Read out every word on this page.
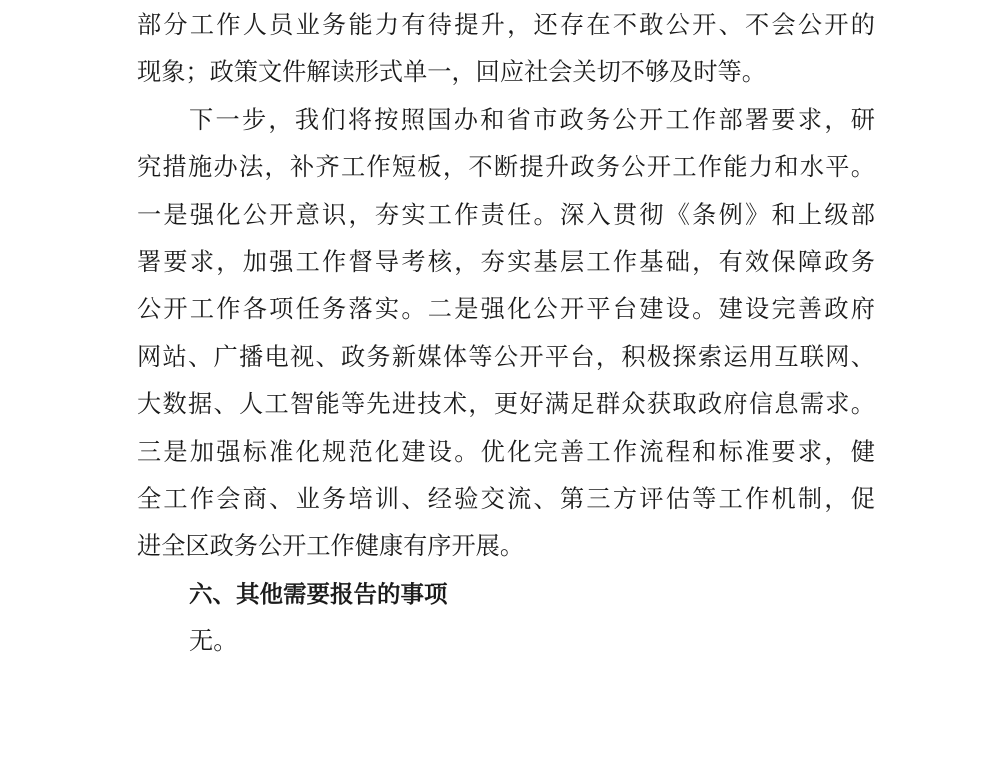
部分工作人员业务能力有待提升，还存在不敢公开、不会公开的
现象；政策文件解读形式单一，回应社会关切不够及时等。
下一步，我们将按照国办和省市政务公开工作部署要求，研
究措施办法，补齐工作短板，不断提升政务公开工作能力和水平。
一是强化公开意识，夯实工作责任。深入贯彻《条例》和上级部
署要求，加强工作督导考核，夯实基层工作基础，有效保障政务
公开工作各项任务落实。二是强化公开平台建设。建设完善政府
网站、广播电视、政务新媒体等公开平台，积极探索运用互联网、
大数据、人工智能等先进技术，更好满足群众获取政府信息需求。
三是加强标准化规范化建设。优化完善工作流程和标准要求，健
全工作会商、业务培训、经验交流、第三方评估等工作机制，促
进全区政务公开工作健康有序开展。
六、其他需要报告的事项
无。
